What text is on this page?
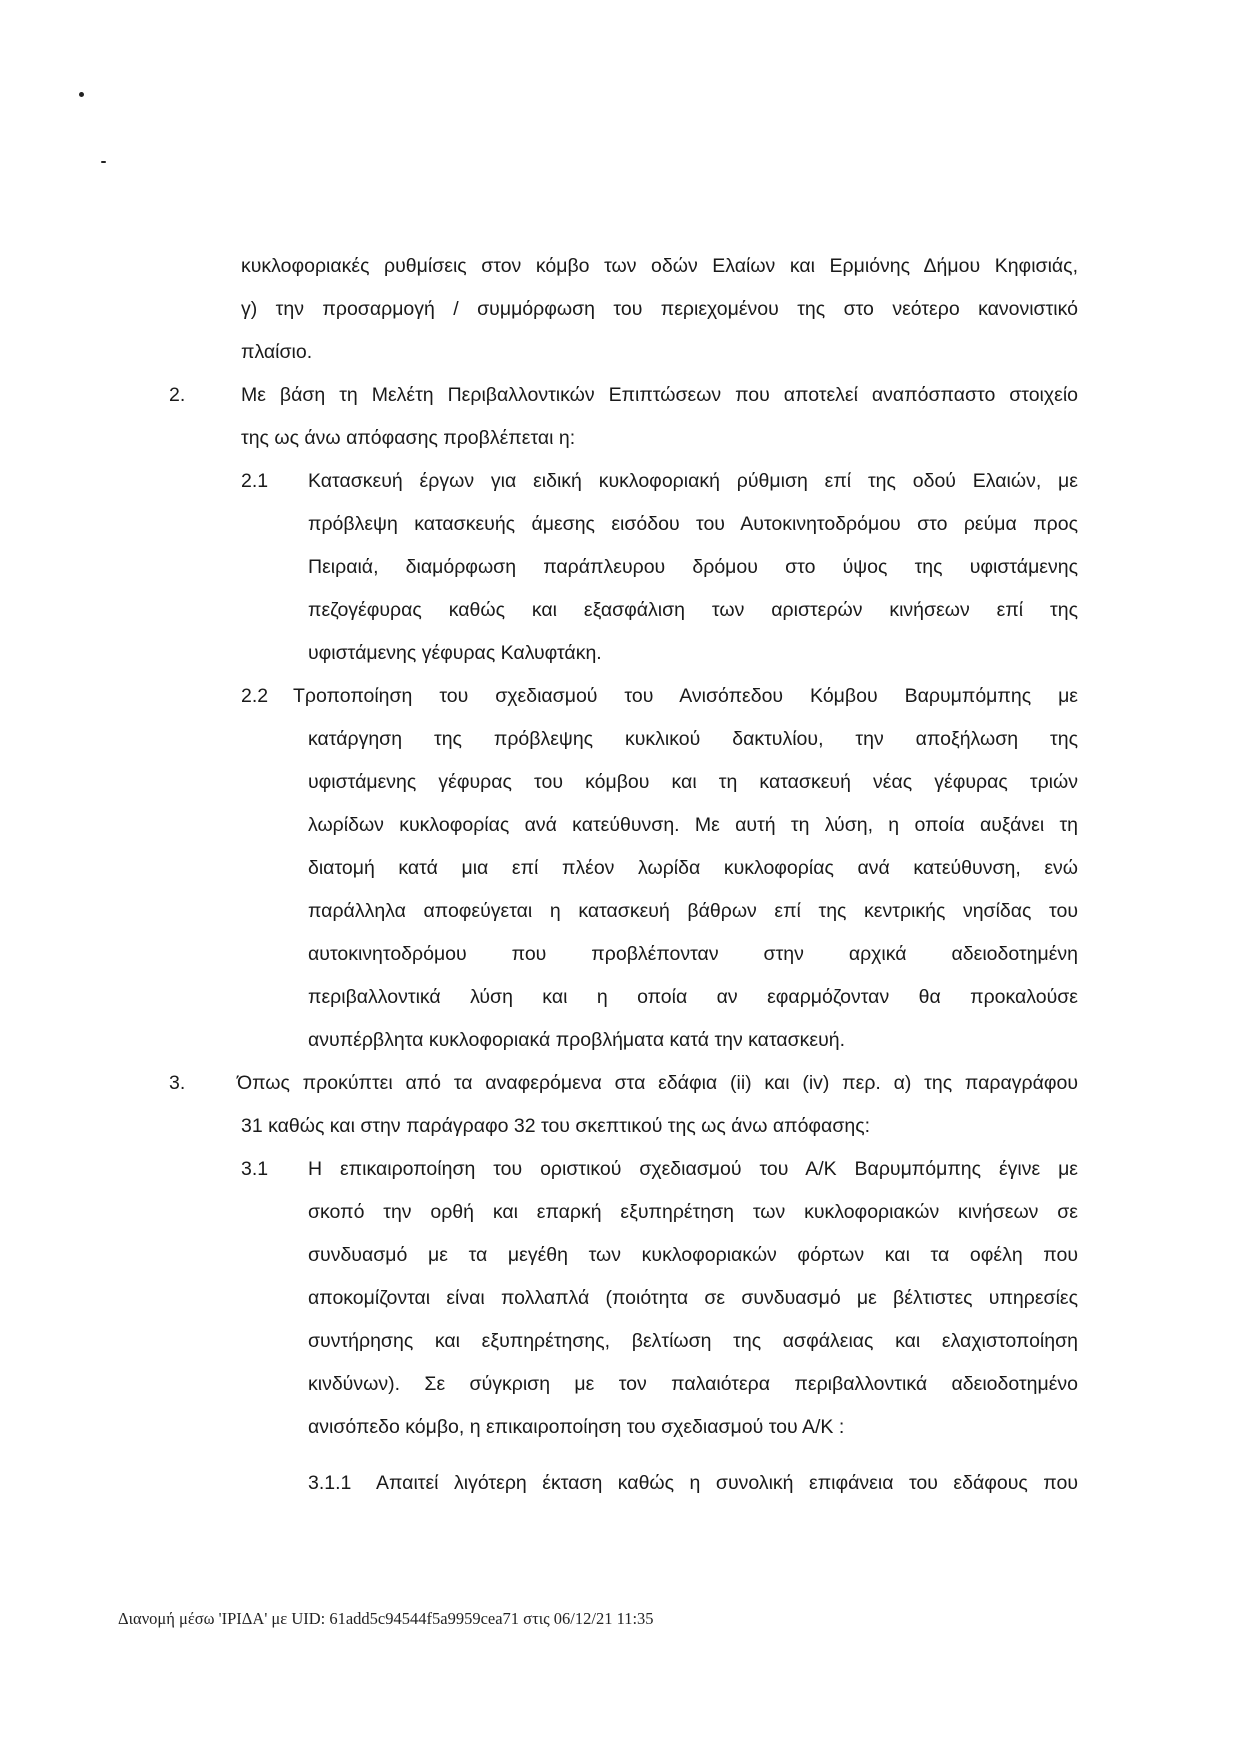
κυκλοφοριακές ρυθμίσεις στον κόμβο των οδών Ελαίων και Ερμιόνης Δήμου Κηφισιάς,
γ) την προσαρμογή / συμμόρφωση του περιεχομένου της στο νεότερο κανονιστικό
πλαίσιο.
2.	Με βάση τη Μελέτη Περιβαλλοντικών Επιπτώσεων που αποτελεί αναπόσπαστο στοιχείο
της ως άνω απόφασης προβλέπεται η:
2.1 Κατασκευή έργων για ειδική κυκλοφοριακή ρύθμιση επί της οδού Ελαιών, με
πρόβλεψη κατασκευής άμεσης εισόδου του Αυτοκινητοδρόμου στο ρεύμα προς
Πειραιά, διαμόρφωση παράπλευρου δρόμου στο ύψος της υφιστάμενης
πεζογέφυρας καθώς και εξασφάλιση των αριστερών κινήσεων επί της
υφιστάμενης γέφυρας Καλυφτάκη.
2.2 Τροποποίηση του σχεδιασμού του Ανισόπεδου Κόμβου Βαρυμπόμπης με
κατάργηση της πρόβλεψης κυκλικού δακτυλίου, την αποξήλωση της
υφιστάμενης γέφυρας του κόμβου και τη κατασκευή νέας γέφυρας τριών
λωρίδων κυκλοφορίας ανά κατεύθυνση. Με αυτή τη λύση, η οποία αυξάνει τη
διατομή κατά μια επί πλέον λωρίδα κυκλοφορίας ανά κατεύθυνση, ενώ
παράλληλα αποφεύγεται η κατασκευή βάθρων επί της κεντρικής νησίδας του
αυτοκινητοδρόμου που προβλέπονταν στην αρχικά αδειοδοτημένη
περιβαλλοντικά λύση και η οποία αν εφαρμόζονταν θα προκαλούσε
ανυπέρβλητα κυκλοφοριακά προβλήματα κατά την κατασκευή.
3.	Όπως προκύπτει από τα αναφερόμενα στα εδάφια (ii) και (iv) περ. α) της παραγράφου
31 καθώς και στην παράγραφο 32 του σκεπτικού της ως άνω απόφασης:
3.1 Η επικαιροποίηση του οριστικού σχεδιασμού του Α/Κ Βαρυμπόμπης έγινε με
σκοπό την ορθή και επαρκή εξυπηρέτηση των κυκλοφοριακών κινήσεων σε
συνδυασμό με τα μεγέθη των κυκλοφοριακών φόρτων και τα οφέλη που
αποκομίζονται είναι πολλαπλά (ποιότητα σε συνδυασμό με βέλτιστες υπηρεσίες
συντήρησης και εξυπηρέτησης, βελτίωση της ασφάλειας και ελαχιστοποίηση
κινδύνων). Σε σύγκριση με τον παλαιότερα περιβαλλοντικά αδειοδοτημένο
ανισόπεδο κόμβο, η επικαιροποίηση του σχεδιασμού του Α/Κ :
3.1.1 Απαιτεί λιγότερη έκταση καθώς η συνολική επιφάνεια του εδάφους που
Διανομή μέσω 'ΙΡΙΔΑ' με UID: 61add5c94544f5a9959cea71 στις 06/12/21 11:35
